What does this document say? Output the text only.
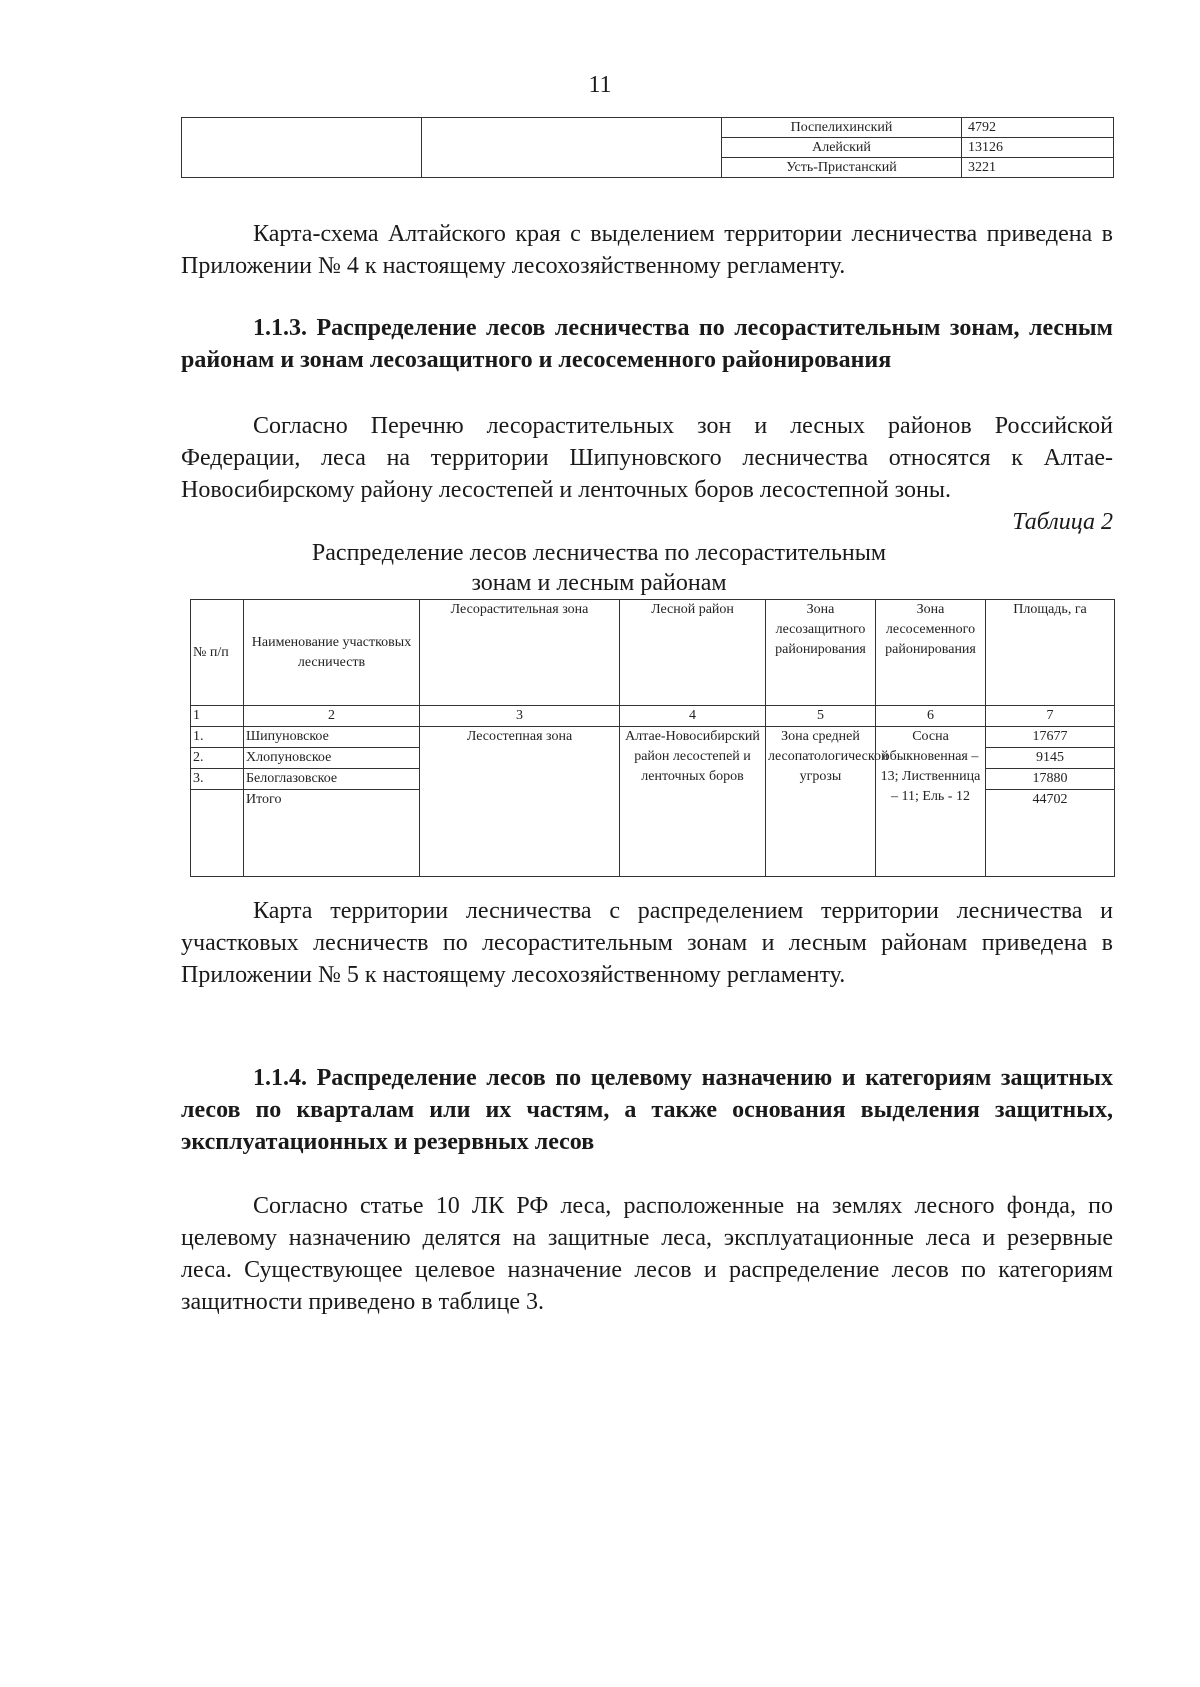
11
		Поспелихинский	4792
		Алейский	13126
		Усть-Пристанский	3221
Карта-схема Алтайского края с выделением территории лесничества приведена в Приложении № 4 к настоящему лесохозяйственному регламенту.
1.1.3. Распределение лесов лесничества по лесорастительным зонам, лесным районам и зонам лесозащитного и лесосеменного районирования
Согласно Перечню лесорастительных зон и лесных районов Российской Федерации, леса на территории Шипуновского лесничества относятся к Алтае-Новосибирскому району лесостепей и ленточных боров лесостепной зоны.
Таблица 2
Распределение лесов лесничества по лесорастительным
зонам и лесным районам
№ п/п	Наименование участковых лесничеств	Лесорастительная зона	Лесной район	Зона лесозащитного районирования	Зона лесосеменного районирования	Площадь, га
1	2	3	4	5	6	7
1.	Шипуновское	Лесостепная зона	Алтае-Новосибирский район лесостепей и ленточных боров	Зона средней лесопатологической угрозы	Сосна обыкновенная – 13; Лиственница – 11; Ель - 12	17677
2.	Хлопуновское					9145
3.	Белоглазовское					17880
	Итого					44702
Карта территории лесничества с распределением территории лесничества и участковых лесничеств по лесорастительным зонам и лесным районам приведена в Приложении № 5 к настоящему лесохозяйственному регламенту.
1.1.4. Распределение лесов по целевому назначению и категориям защитных лесов по кварталам или их частям, а также основания выделения защитных, эксплуатационных и резервных лесов
Согласно статье 10 ЛК РФ леса, расположенные на землях лесного фонда, по целевому назначению делятся на защитные леса, эксплуатационные леса и резервные леса. Существующее целевое назначение лесов и распределение лесов по категориям защитности приведено в таблице 3.
